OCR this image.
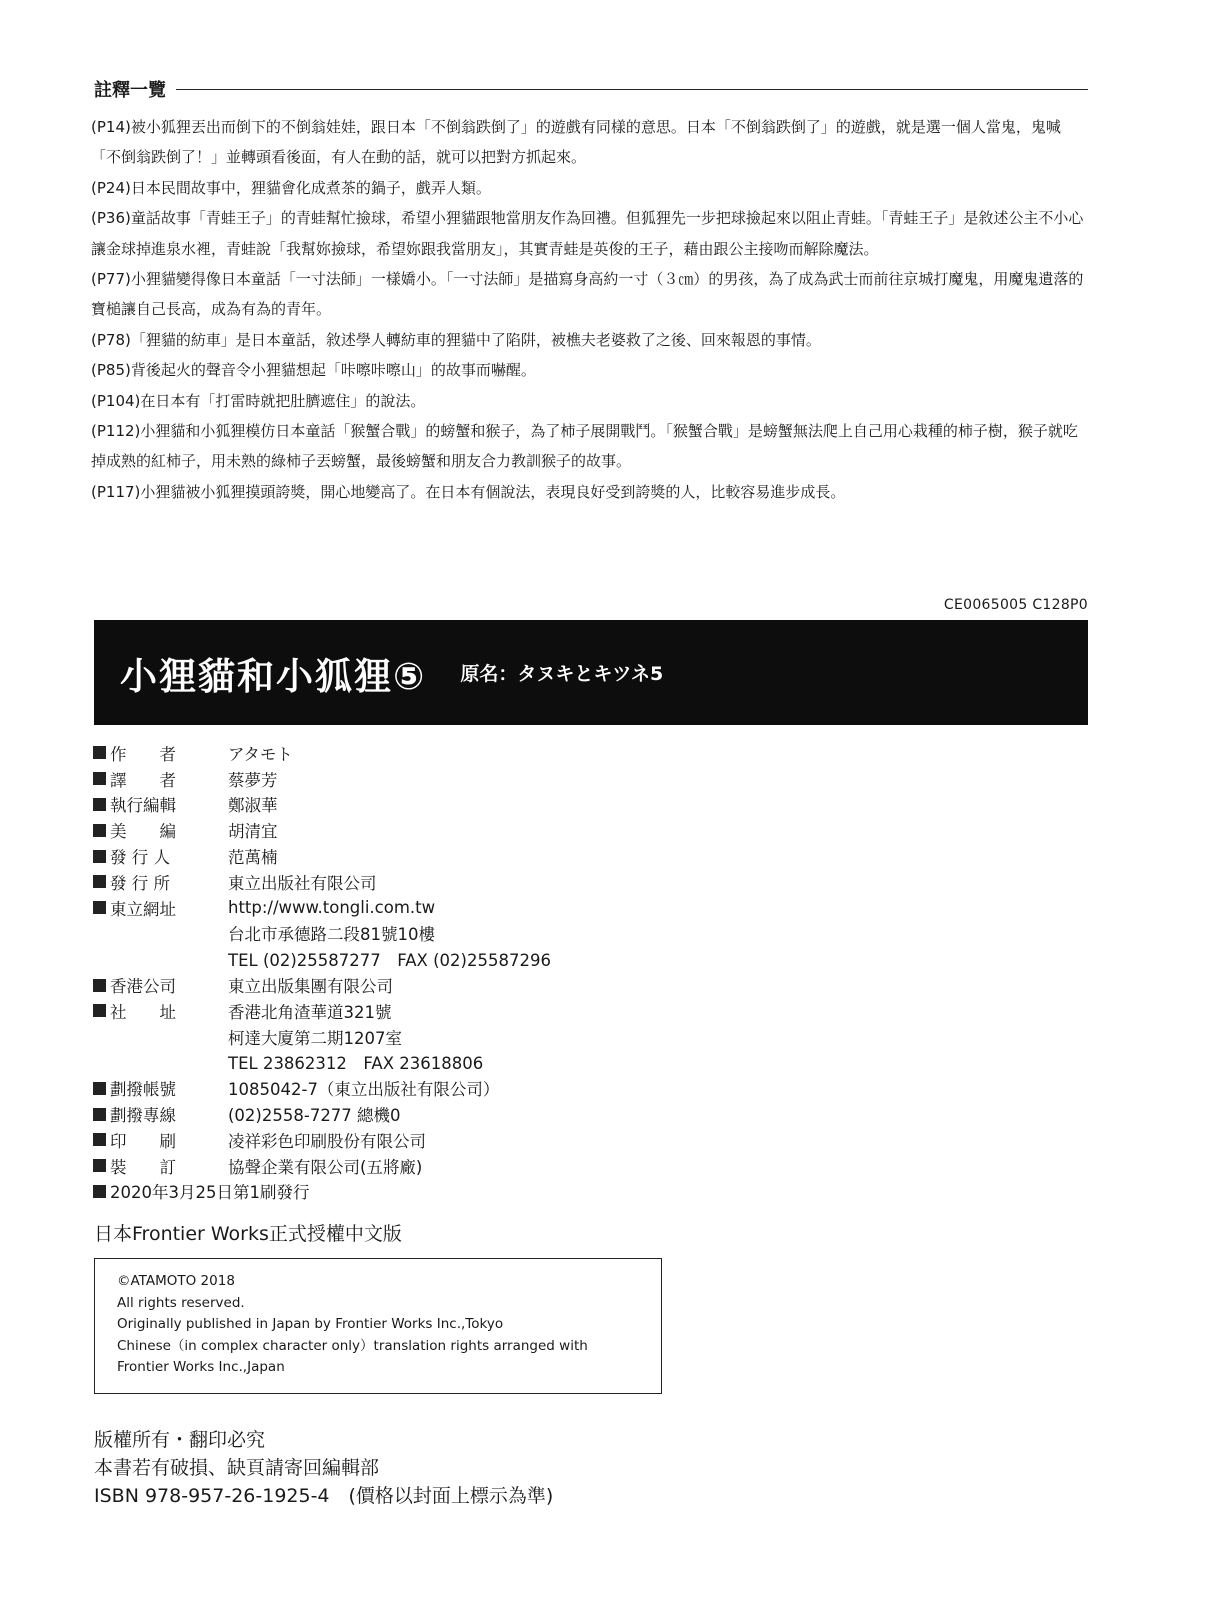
註釋一覽

(P14)被小狐狸丟出而倒下的不倒翁娃娃，跟日本「不倒翁跌倒了」的遊戲有同樣的意思。日本「不倒翁跌倒了」的遊戲，就是選一個人當鬼，鬼喊「不倒翁跌倒了！」並轉頭看後面，有人在動的話，就可以把對方抓起來。

(P24)日本民間故事中，狸貓會化成煮茶的鍋子，戲弄人類。

(P36)童話故事「青蛙王子」的青蛙幫忙撿球，希望小狸貓跟牠當朋友作為回禮。但狐狸先一步把球撿起來以阻止青蛙。「青蛙王子」是敘述公主不小心讓金球掉進泉水裡，青蛙說「我幫妳撿球，希望妳跟我當朋友」，其實青蛙是英俊的王子，藉由跟公主接吻而解除魔法。

(P77)小狸貓變得像日本童話「一寸法師」一樣嬌小。「一寸法師」是描寫身高約一寸（３㎝）的男孩，為了成為武士而前往京城打魔鬼，用魔鬼遺落的寶槌讓自己長高，成為有為的青年。

(P78)「狸貓的紡車」是日本童話，敘述學人轉紡車的狸貓中了陷阱，被樵夫老婆救了之後、回來報恩的事情。

(P85)背後起火的聲音令小狸貓想起「咔嚓咔嚓山」的故事而嚇醒。

(P104)在日本有「打雷時就把肚臍遮住」的說法。

(P112)小狸貓和小狐狸模仿日本童話「猴蟹合戰」的螃蟹和猴子，為了柿子展開戰鬥。「猴蟹合戰」是螃蟹無法爬上自己用心栽種的柿子樹，猴子就吃掉成熟的紅柿子，用未熟的綠柿子丟螃蟹，最後螃蟹和朋友合力教訓猴子的故事。

(P117)小狸貓被小狐狸摸頭誇獎，開心地變高了。在日本有個說法，表現良好受到誇獎的人，比較容易進步成長。

CE0065005 C128P0
小狸貓和小狐狸⑤ 原名：タヌキとキツネ5
作　　者	アタモト
譯　　者	蔡夢芳
執行編輯	鄭淑華
美　　編	胡清宜
發 行 人	范萬楠
發 行 所	東立出版社有限公司
東立網址	http://www.tongli.com.tw
台北市承德路二段81號10樓
TEL (02)25587277　FAX (02)25587296
香港公司	東立出版集團有限公司
社　　址	香港北角渣華道321號
柯達大廈第二期1207室
TEL 23862312　FAX 23618806
劃撥帳號	1085042-7（東立出版社有限公司）
劃撥專線	(02)2558-7277 總機0
印　　刷	凌祥彩色印刷股份有限公司
裝　　訂	協聲企業有限公司(五將廠)
2020年3月25日第1刷發行
日本Frontier Works正式授權中文版
©ATAMOTO 2018
All rights reserved.
Originally published in Japan by Frontier Works Inc.,Tokyo
Chinese（in complex character only）translation rights arranged with
Frontier Works Inc.,Japan
版權所有・翻印必究
本書若有破損、缺頁請寄回編輯部
ISBN 978-957-26-1925-4　(價格以封面上標示為準)
